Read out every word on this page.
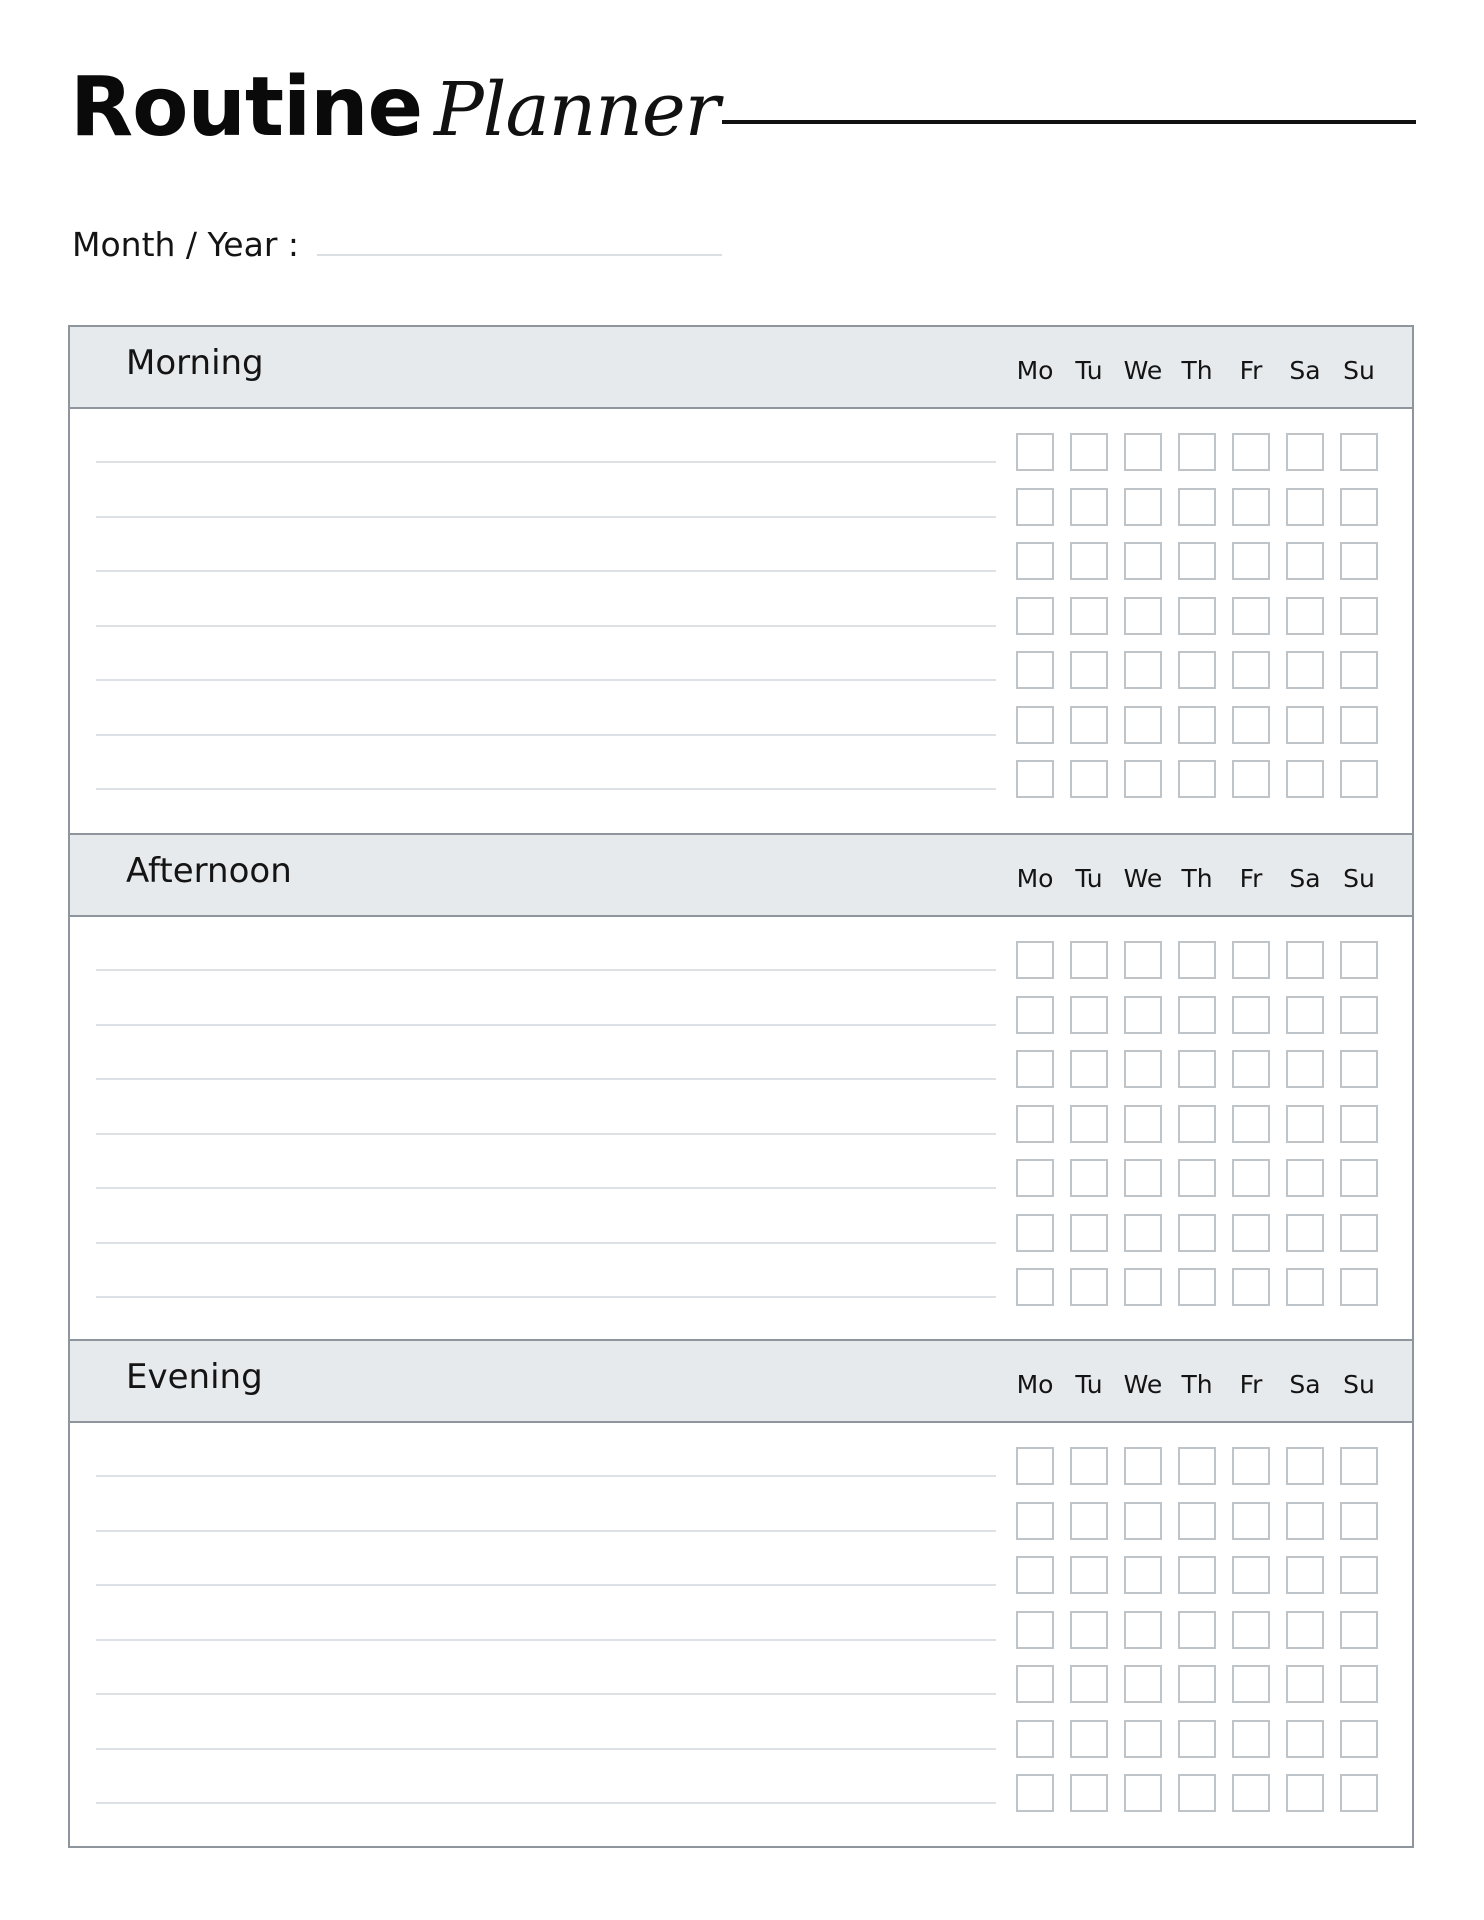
Routine Planner
Month / Year :
Morning	Mo Tu We Th	Fr	Sa Su
Afternoon	Mo Tu We Th	Fr	Sa Su
Evening	Mo Tu We Th	Fr	Sa Su
